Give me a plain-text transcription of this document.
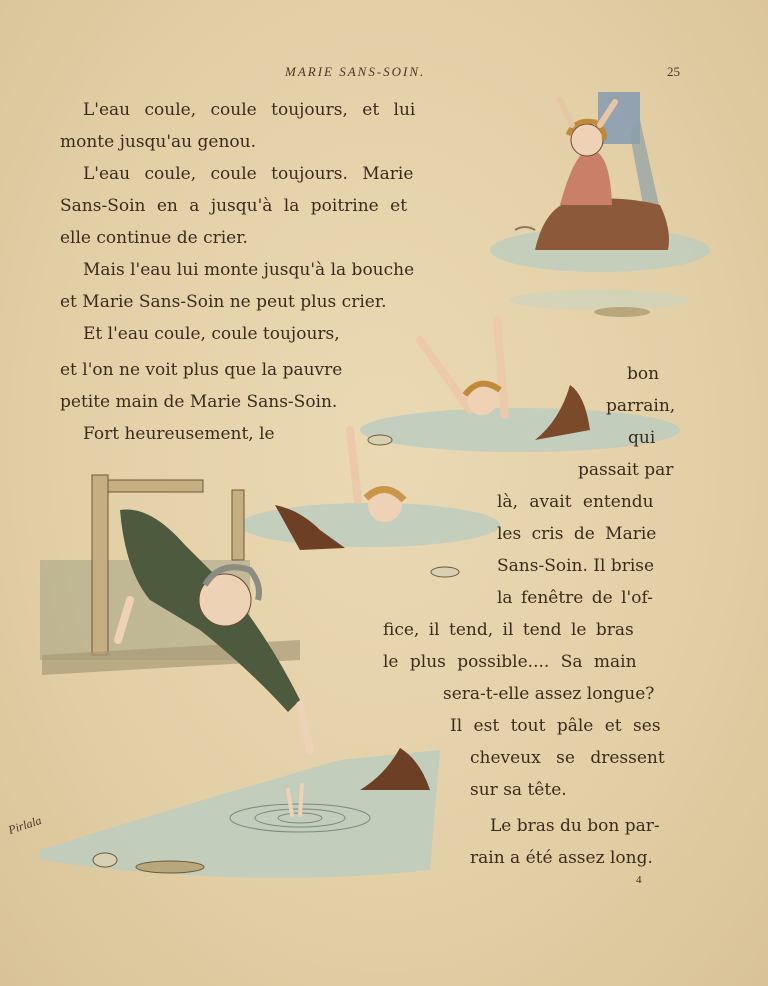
MARIE SANS-SOIN.	25
L'eau coule, coule toujours, et lui
monte jusqu'au genou.
L'eau coule, coule toujours. Marie
Sans-Soin en a jusqu'à la poitrine et
elle continue de crier.
Mais l'eau lui monte jusqu'à la bouche
et Marie Sans-Soin ne peut plus crier.
Et l'eau coule, coule toujours,
et l'on ne voit plus que la pauvre	bon
petite main de Marie Sans-Soin.	parrain,
Fort heureusement, le	qui
passait par
là, avait entendu
les cris de Marie
Sans-Soin. Il brise
la fenêtre de l'of-
fice, il tend, il tend le bras
le plus possible.... Sa main
sera-t-elle assez longue?
Il est tout pâle et ses
cheveux se dressent
sur sa tête.
Le bras du bon par-
rain a été assez long.
4
Pirlala
